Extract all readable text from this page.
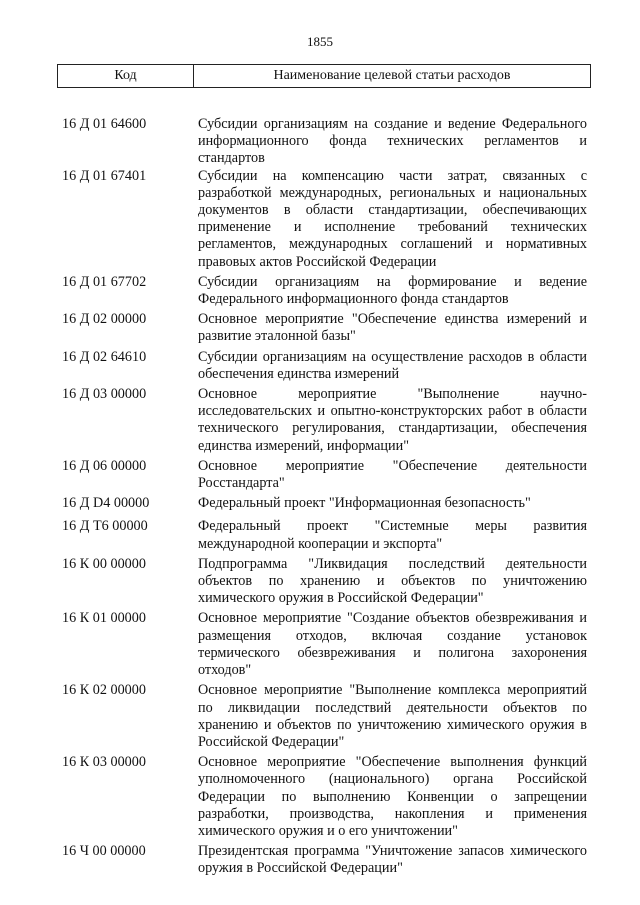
1855
Код	Наименование целевой статьи расходов
16 Д 01 64600	Субсидии организациям на создание и ведение Федерального информационного фонда технических регламентов и стандартов
16 Д 01 67401	Субсидии на компенсацию части затрат, связанных с разработкой международных, региональных и национальных документов в области стандартизации, обеспечивающих применение и исполнение требований технических регламентов, международных соглашений и нормативных правовых актов Российской Федерации
16 Д 01 67702	Субсидии организациям на формирование и ведение Федерального информационного фонда стандартов
16 Д 02 00000	Основное мероприятие "Обеспечение единства измерений и развитие эталонной базы"
16 Д 02 64610	Субсидии организациям на осуществление расходов в области обеспечения единства измерений
16 Д 03 00000	Основное мероприятие "Выполнение научно-исследовательских и опытно-конструкторских работ в области технического регулирования, стандартизации, обеспечения единства измерений, информации"
16 Д 06 00000	Основное мероприятие "Обеспечение деятельности Росстандарта"
16 Д D4 00000	Федеральный проект "Информационная безопасность"
16 Д Т6 00000	Федеральный проект "Системные меры развития международной кооперации и экспорта"
16 К 00 00000	Подпрограмма "Ликвидация последствий деятельности объектов по хранению и объектов по уничтожению химического оружия в Российской Федерации"
16 К 01 00000	Основное мероприятие "Создание объектов обезвреживания и размещения отходов, включая создание установок термического обезвреживания и полигона захоронения отходов"
16 К 02 00000	Основное мероприятие "Выполнение комплекса мероприятий по ликвидации последствий деятельности объектов по хранению и объектов по уничтожению химического оружия в Российской Федерации"
16 К 03 00000	Основное мероприятие "Обеспечение выполнения функций уполномоченного (национального) органа Российской Федерации по выполнению Конвенции о запрещении разработки, производства, накопления и применения химического оружия и о его уничтожении"
16 Ч 00 00000	Президентская программа "Уничтожение запасов химического оружия в Российской Федерации"
